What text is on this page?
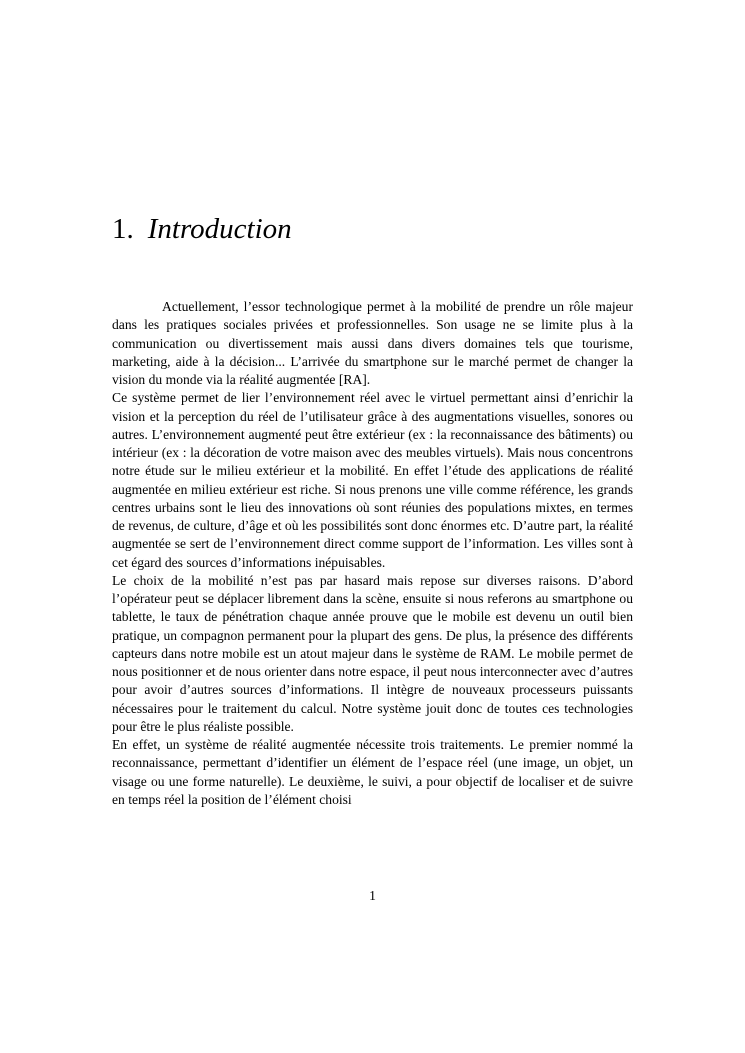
1. Introduction

Actuellement, l’essor technologique permet à la mobilité de prendre un rôle majeur dans les pratiques sociales privées et professionnelles. Son usage ne se limite plus à la communication ou divertissement mais aussi dans divers domaines tels que tourisme, marketing, aide à la décision... L’arrivée du smartphone sur le marché permet de changer la vision du monde via la réalité augmentée [RA].

Ce système permet de lier l’environnement réel avec le virtuel permettant ainsi d’enrichir la vision et la perception du réel de l’utilisateur grâce à des augmentations visuelles, sonores ou autres. L’environnement augmenté peut être extérieur (ex : la reconnaissance des bâtiments) ou intérieur (ex : la décoration de votre maison avec des meubles virtuels). Mais nous concentrons notre étude sur le milieu extérieur et la mobilité. En effet l’étude des applications de réalité augmentée en milieu extérieur est riche. Si nous prenons une ville comme référence, les grands centres urbains sont le lieu des innovations où sont réunies des populations mixtes, en termes de revenus, de culture, d’âge et où les possibilités sont donc énormes etc. D’autre part, la réalité augmentée se sert de l’environnement direct comme support de l’information. Les villes sont à cet égard des sources d’informations inépuisables.

Le choix de la mobilité n’est pas par hasard mais repose sur diverses raisons. D’abord l’opérateur peut se déplacer librement dans la scène, ensuite si nous referons au smartphone ou tablette, le taux de pénétration chaque année prouve que le mobile est devenu un outil bien pratique, un compagnon permanent pour la plupart des gens. De plus, la présence des différents capteurs dans notre mobile est un atout majeur dans le système de RAM. Le mobile permet de nous positionner et de nous orienter dans notre espace, il peut nous interconnecter avec d’autres pour avoir d’autres sources d’informations. Il intègre de nouveaux processeurs puissants nécessaires pour le traitement du calcul. Notre système jouit donc de toutes ces technologies pour être le plus réaliste possible.

En effet, un système de réalité augmentée nécessite trois traitements. Le premier nommé la reconnaissance, permettant d’identifier un élément de l’espace réel (une image, un objet, un visage ou une forme naturelle). Le deuxième, le suivi, a pour objectif de localiser et de suivre en temps réel la position de l’élément choisi

1
